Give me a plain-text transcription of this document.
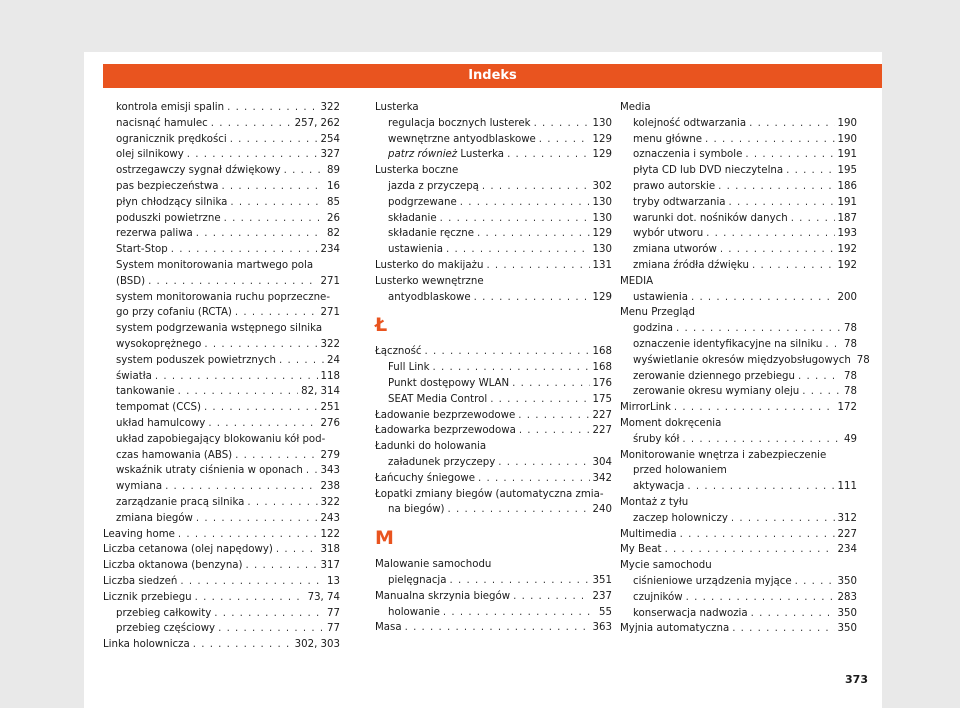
Indeks
kontrola emisji spalin . . .	322
nacisnąć hamulec . . .	257, 262
ogranicznik prędkości . . .	254
olej silnikowy . . .	327
ostrzegawczy sygnał dźwiękowy . . .	89
pas bezpieczeństwa . . .	16
płyn chłodzący silnika . . .	85
poduszki powietrzne . . .	26
rezerwa paliwa . . .	82
Start-Stop . . .	234
System monitorowania martwego pola
(BSD) . . .	271
system monitorowania ruchu poprzeczne-
go przy cofaniu (RCTA) . . .	271
system podgrzewania wstępnego silnika
wysokoprężnego . . .	322
system poduszek powietrznych . . .	24
światła . . .	118
tankowanie . . .	82, 314
tempomat (CCS) . . .	251
układ hamulcowy . . .	276
układ zapobiegający blokowaniu kół pod-
czas hamowania (ABS) . . .	279
wskaźnik utraty ciśnienia w oponach . . . 343
wymiana . . .	238
zarządzanie pracą silnika . . .	322
zmiana biegów . . .	243
Leaving home . . .	122
Liczba cetanowa (olej napędowy) . . .	318
Liczba oktanowa (benzyna) . . .	317
Liczba siedzeń . . .	13
Licznik przebiegu . . .	73, 74
przebieg całkowity . . .	77
przebieg częściowy . . .	77
Linka holownicza . . .	302, 303
Lusterka
regulacja bocznych lusterek . . .	130
wewnętrzne antyodblaskowe . . .	129
patrz również Lusterka . . .	129
Lusterka boczne
jazda z przyczepą . . .	302
podgrzewane . . .	130
składanie . . .	130
składanie ręczne . . .	129
ustawienia . . .	130
Lusterko do makijażu . . .	131
Lusterko wewnętrzne
antyodblaskowe . . .	129
Ł
Łączność . . .	168
Full Link . . .	168
Punkt dostępowy WLAN . . .	176
SEAT Media Control . . .	175
Ładowanie bezprzewodowe . . .	227
Ładowarka bezprzewodowa . . .	227
Ładunki do holowania
załadunek przyczepy . . .	304
Łańcuchy śniegowe . . .	342
Łopatki zmiany biegów (automatyczna zmia-
na biegów) . . .	240
M
Malowanie samochodu
pielęgnacja . . .	351
Manualna skrzynia biegów . . .	237
holowanie . . .	55
Masa . . .	363
Media
kolejność odtwarzania . . .	190
menu główne . . .	190
oznaczenia i symbole . . .	191
płyta CD lub DVD nieczytelna . . .	195
prawo autorskie . . .	186
tryby odtwarzania . . .	191
warunki dot. nośników danych . . .	187
wybór utworu . . .	193
zmiana utworów . . .	192
zmiana źródła dźwięku . . .	192
MEDIA
ustawienia . . .	200
Menu Przegląd
godzina . . .	78
oznaczenie identyfikacyjne na silniku . . . 78
wyświetlanie okresów międzyobsługowych 78
zerowanie dziennego przebiegu . . .	78
zerowanie okresu wymiany oleju . . .	78
MirrorLink . . .	172
Moment dokręcenia
śruby kół . . .	49
Monitorowanie wnętrza i zabezpieczenie
przed holowaniem
aktywacja . . .	111
Montaż z tyłu
zaczep holowniczy . . .	312
Multimedia . . .	227
My Beat . . .	234
Mycie samochodu
ciśnieniowe urządzenia myjące . . .	350
czujników . . .	283
konserwacja nadwozia . . .	350
Myjnia automatyczna . . .	350
373
